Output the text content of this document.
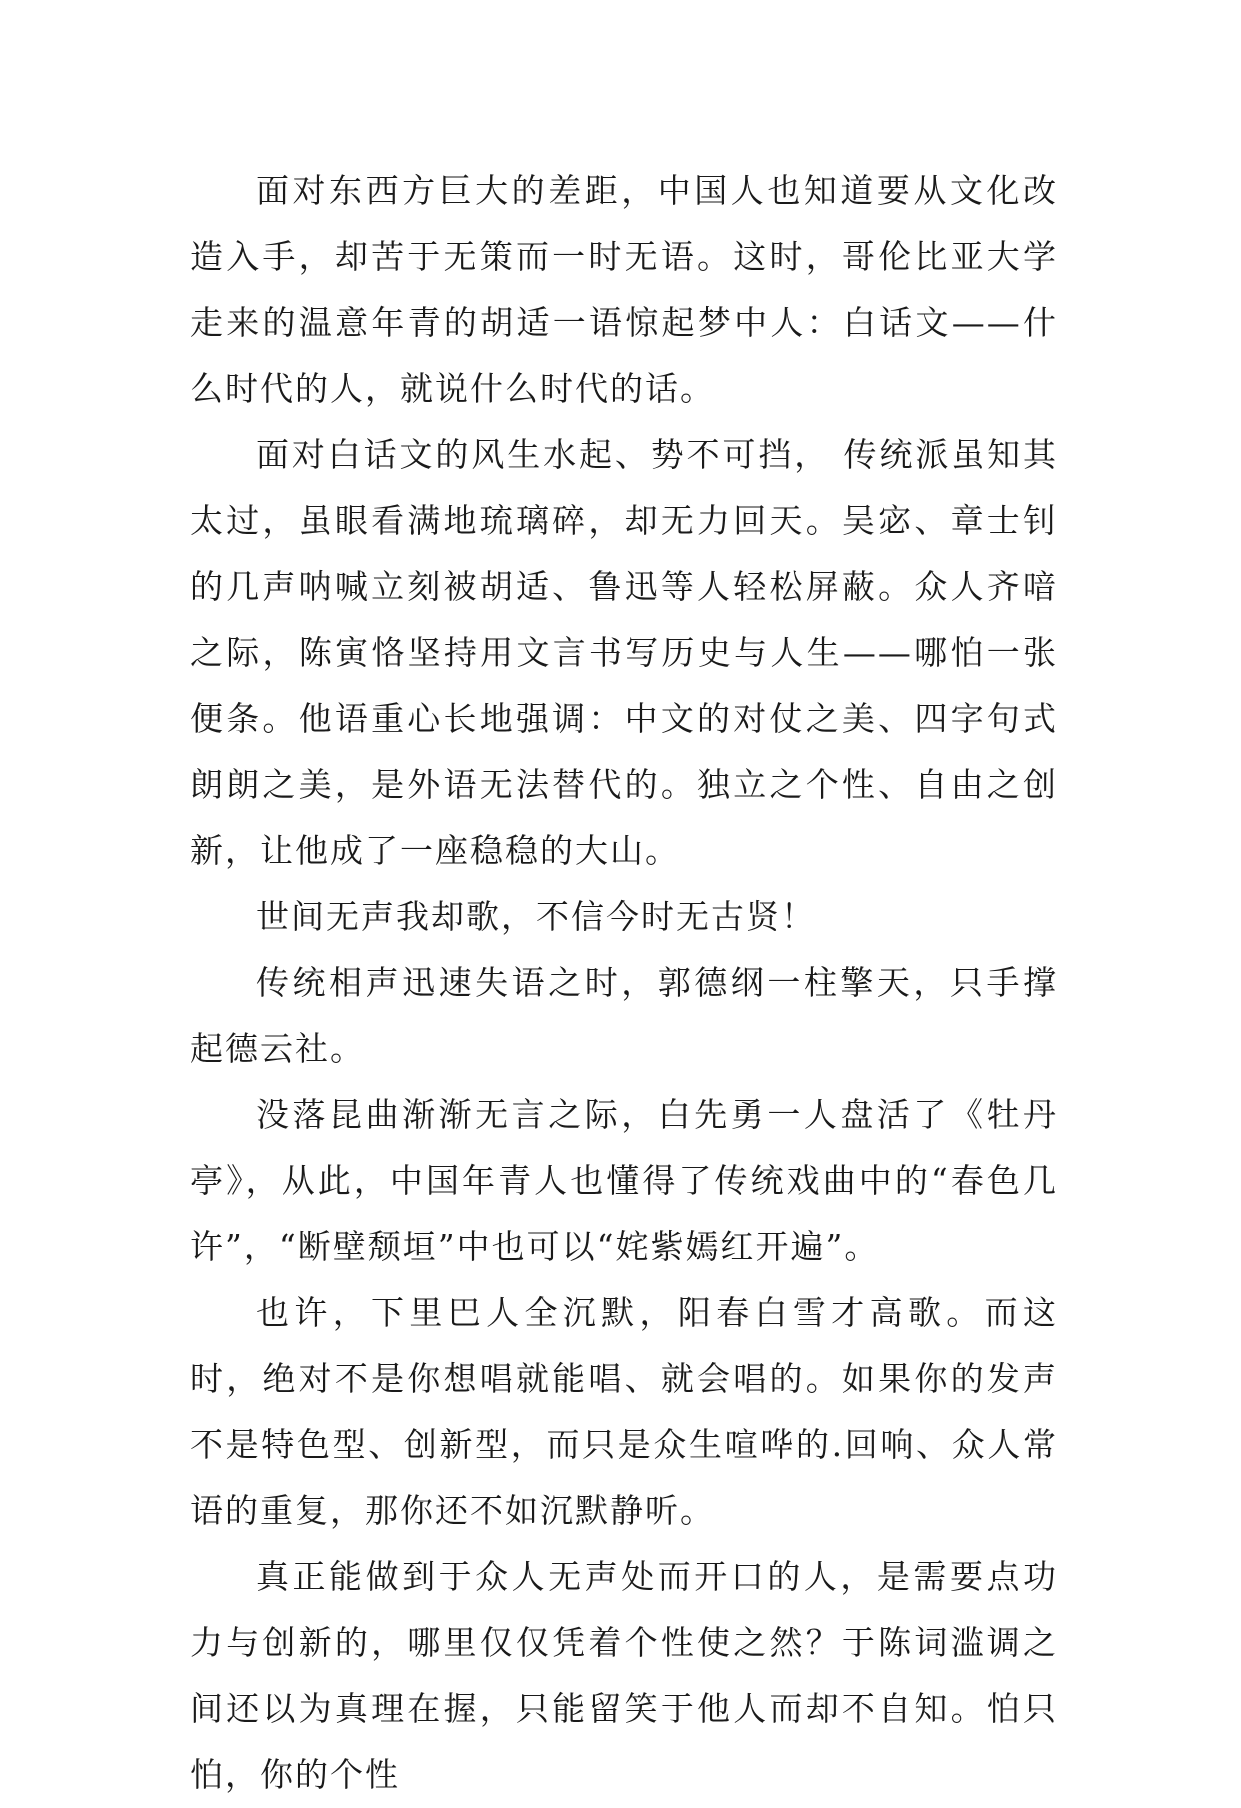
面对东西方巨大的差距，中国人也知道要从文化改造入手，却苦于无策而一时无语。这时，哥伦比亚大学走来的温意年青的胡适一语惊起梦中人：白话文——什么时代的人，就说什么时代的话。

面对白话文的风生水起、势不可挡， 传统派虽知其太过，虽眼看满地琉璃碎，却无力回天。吴宓、章士钊的几声呐喊立刻被胡适、鲁迅等人轻松屏蔽。众人齐喑之际，陈寅恪坚持用文言书写历史与人生——哪怕一张便条。他语重心长地强调：中文的对仗之美、四字句式朗朗之美，是外语无法替代的。独立之个性、自由之创新，让他成了一座稳稳的大山。

世间无声我却歌，不信今时无古贤！

传统相声迅速失语之时，郭德纲一柱擎天，只手撑起德云社。

没落昆曲渐渐无言之际，白先勇一人盘活了《牡丹亭》，从此，中国年青人也懂得了传统戏曲中的“春色几许”，“断壁颓垣”中也可以“姹紫嫣红开遍”。

也许，下里巴人全沉默，阳春白雪才高歌。而这时，绝对不是你想唱就能唱、就会唱的。如果你的发声不是特色型、创新型，而只是众生喧哗的.回响、众人常语的重复，那你还不如沉默静听。

真正能做到于众人无声处而开口的人，是需要点功力与创新的，哪里仅仅凭着个性使之然？于陈词滥调之间还以为真理在握，只能留笑于他人而却不自知。怕只怕，你的个性
